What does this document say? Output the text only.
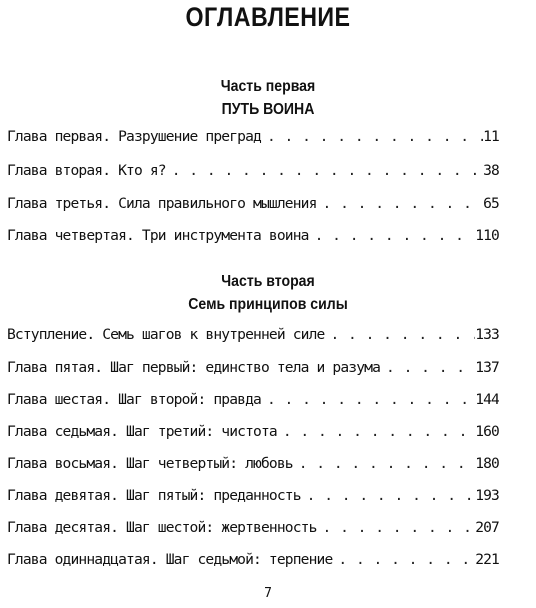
ОГЛАВЛЕНИЕ
Часть первая
ПУТЬ ВОИНА
Глава первая. Разрушение преград . . .	11
Глава вторая. Кто я? . . .	38
Глава третья. Сила правильного мышления . . .	65
Глава четвертая. Три инструмента воина . . .	110
Часть вторая
Семь принципов силы
Вступление. Семь шагов к внутренней силе . . .	133
Глава пятая. Шаг первый: единство тела и разума . . .	137
Глава шестая. Шаг второй: правда . . .	144
Глава седьмая. Шаг третий: чистота . . .	160
Глава восьмая. Шаг четвертый: любовь . . .	180
Глава девятая. Шаг пятый: преданность . . .	193
Глава десятая. Шаг шестой: жертвенность . . .	207
Глава одиннадцатая. Шаг седьмой: терпение . . .	221
7
